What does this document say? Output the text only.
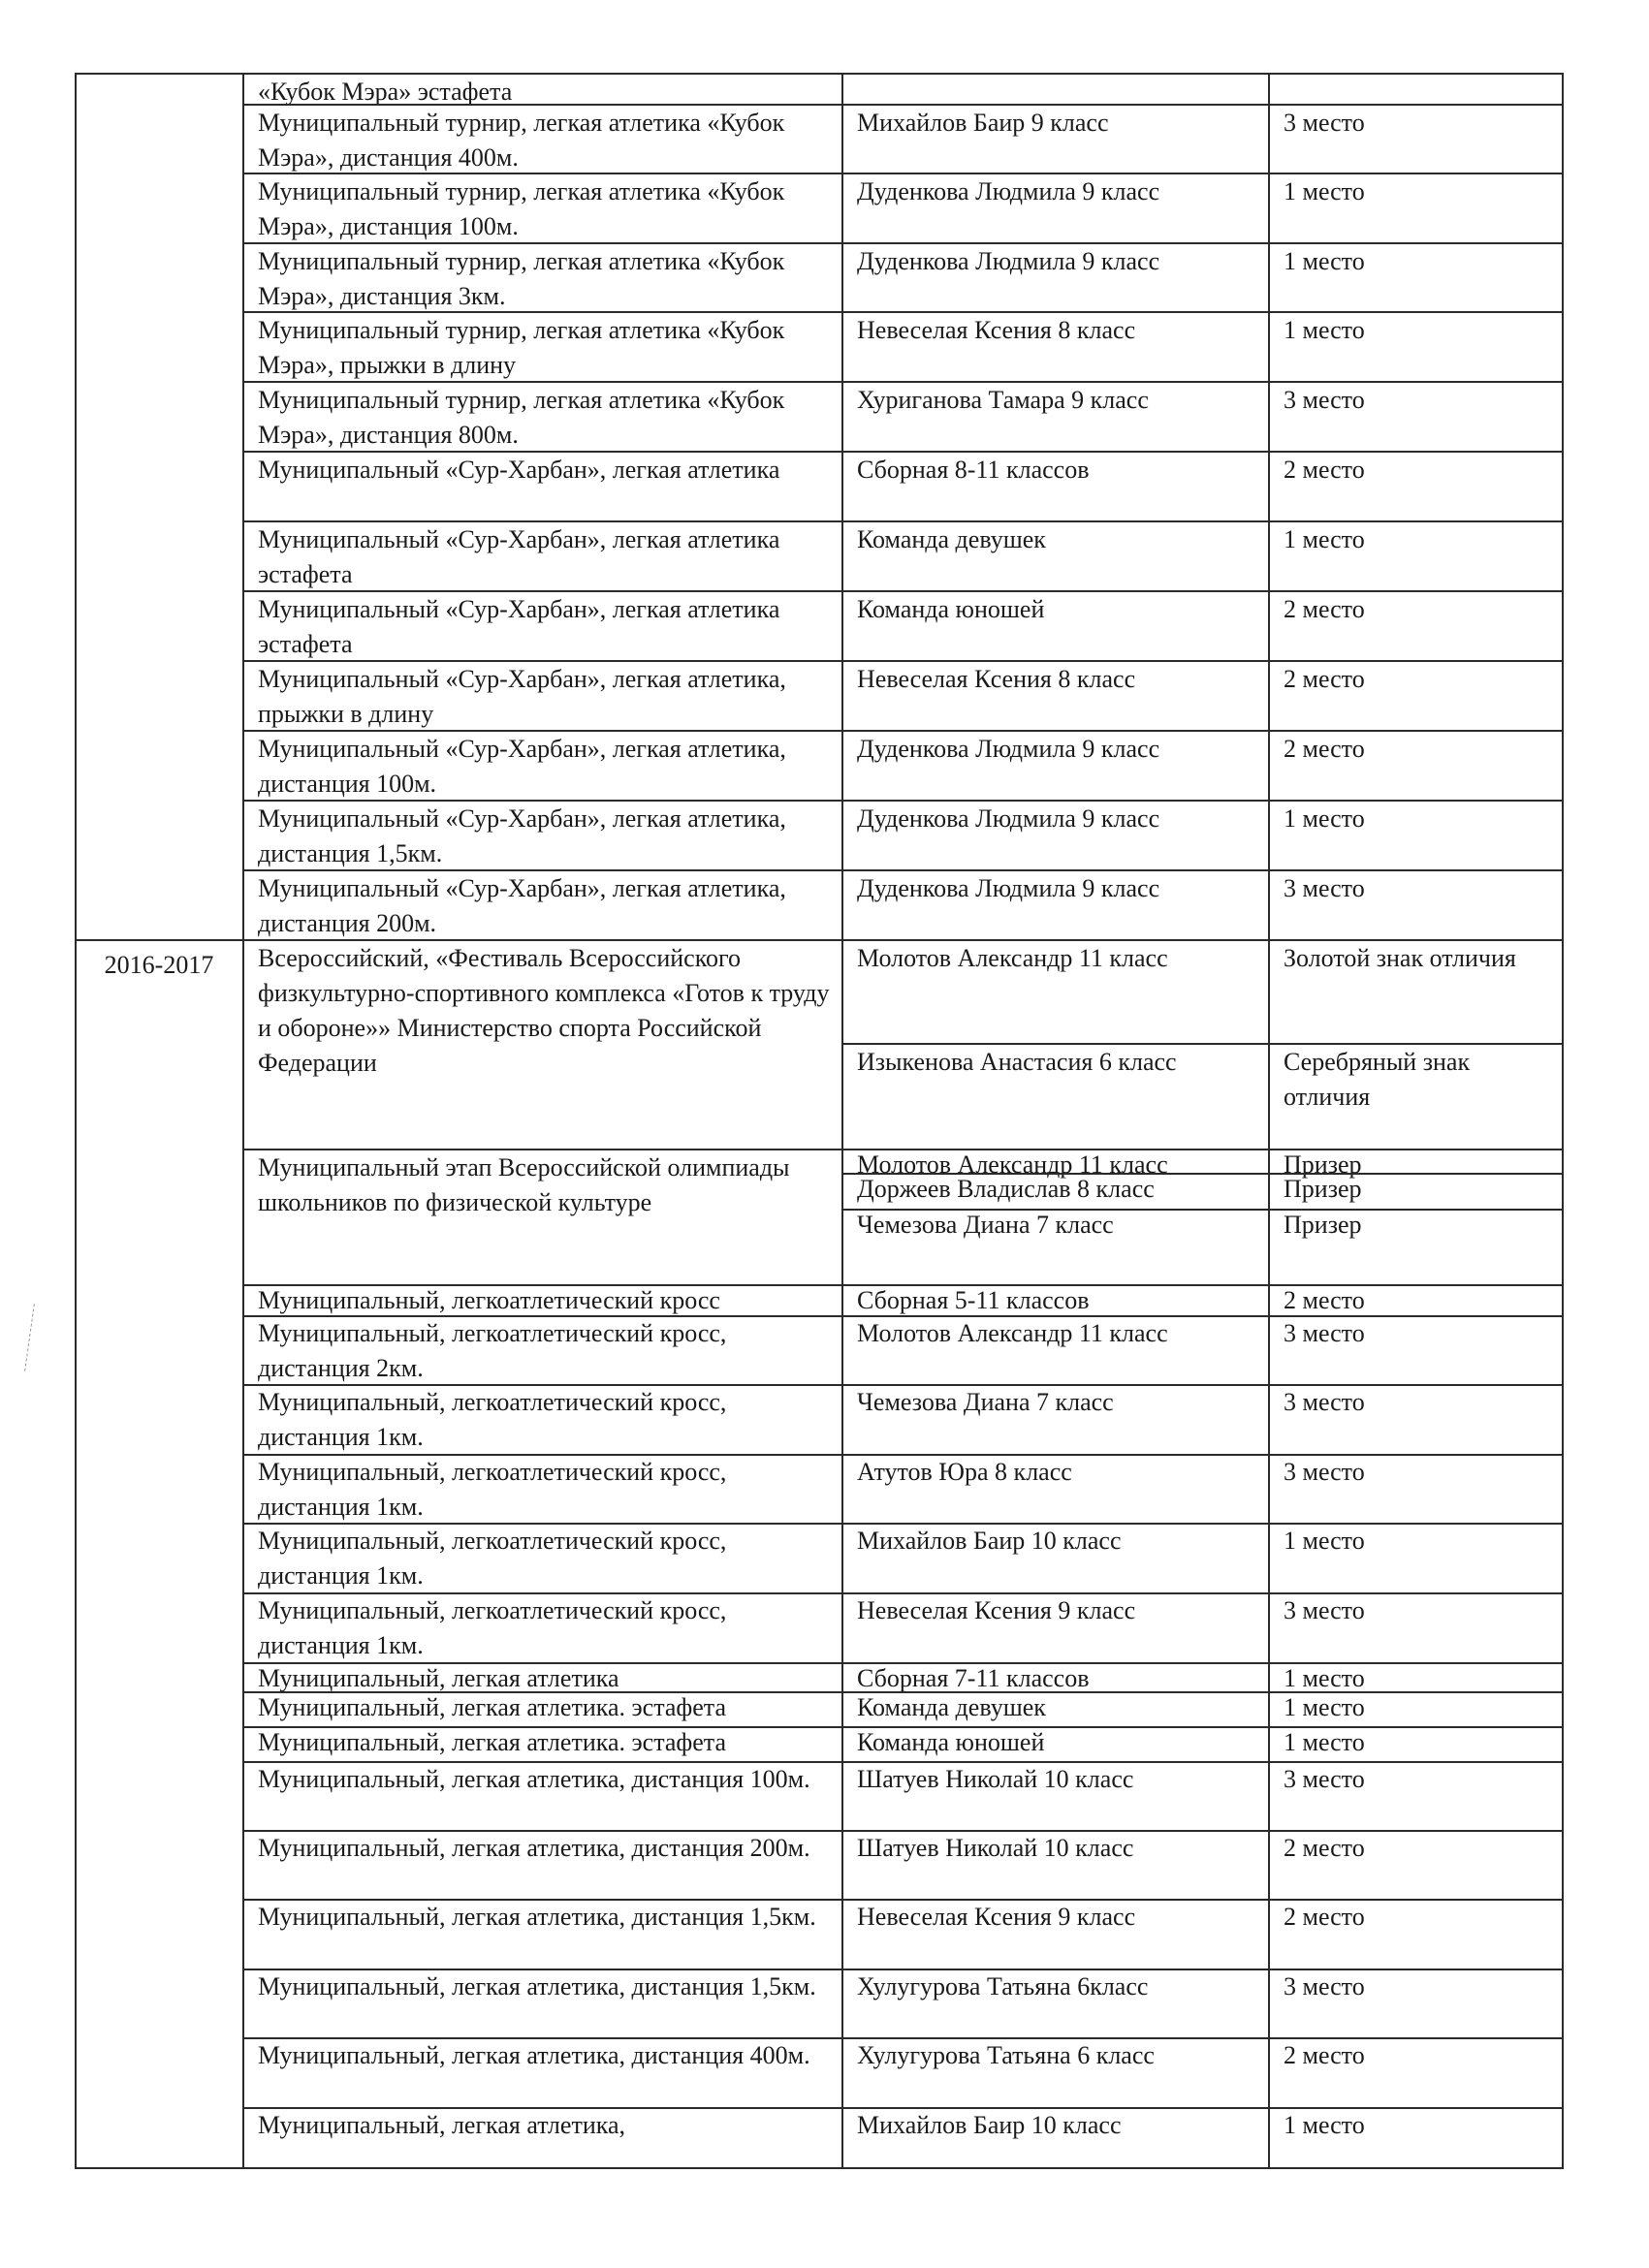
2016-2017
«Кубок Мэра» эстафета
Муниципальный турнир, легкая атлетика «Кубок Мэра», дистанция 400м.
Михайлов Баир 9 класс	3 место
Муниципальный турнир, легкая атлетика «Кубок Мэра», дистанция 100м.
Дуденкова Людмила 9 класс	1 место
Муниципальный турнир, легкая атлетика «Кубок Мэра», дистанция 3км.
Дуденкова Людмила 9 класс	1 место
Муниципальный турнир, легкая атлетика «Кубок Мэра», прыжки в длину
Невеселая Ксения 8 класс	1 место
Муниципальный турнир, легкая атлетика «Кубок Мэра», дистанция 800м.
Хуриганова Тамара 9 класс	3 место
Муниципальный «Сур-Харбан», легкая атлетика	Сборная 8-11 классов	2 место
Муниципальный «Сур-Харбан», легкая атлетика эстафета
Команда девушек	1 место
Муниципальный «Сур-Харбан», легкая атлетика эстафета
Команда юношей	2 место
Муниципальный «Сур-Харбан», легкая атлетика, прыжки в длину
Невеселая Ксения 8 класс	2 место
Муниципальный «Сур-Харбан», легкая атлетика, дистанция 100м.
Дуденкова Людмила 9 класс	2 место
Муниципальный «Сур-Харбан», легкая атлетика, дистанция 1,5км.
Дуденкова Людмила 9 класс	1 место
Муниципальный «Сур-Харбан», легкая атлетика, дистанция 200м.
Дуденкова Людмила 9 класс	3 место
Всероссийский, «Фестиваль Всероссийского физкультурно-спортивного комплекса «Готов к труду и обороне»» Министерство спорта Российской Федерации
Молотов Александр 11 класс	Золотой знак отличия
Изыкенова Анастасия 6 класс	Серебряный знак отличия
Муниципальный этап Всероссийской олимпиады школьников по физической культуре
Молотов Александр 11 класс	Призер
Доржеев Владислав 8 класс	Призер
Чемезова Диана 7 класс	Призер
Муниципальный, легкоатлетический кросс	Сборная 5-11 классов	2 место
Муниципальный, легкоатлетический кросс, дистанция 2км.
Молотов Александр 11 класс	3 место
Муниципальный, легкоатлетический кросс, дистанция 1км.
Чемезова Диана 7 класс	3 место
Муниципальный, легкоатлетический кросс, дистанция 1км.
Атутов Юра 8 класс	3 место
Муниципальный, легкоатлетический кросс, дистанция 1км.
Михайлов Баир 10 класс	1 место
Муниципальный, легкоатлетический кросс, дистанция 1км.
Невеселая Ксения 9 класс	3 место
Муниципальный, легкая атлетика	Сборная 7-11 классов	1 место
Муниципальный, легкая атлетика. эстафета	Команда девушек	1 место
Муниципальный, легкая атлетика. эстафета	Команда юношей	1 место
Муниципальный, легкая атлетика, дистанция 100м.	Шатуев Николай 10 класс	3 место
Муниципальный, легкая атлетика, дистанция 200м.	Шатуев Николай 10 класс	2 место
Муниципальный, легкая атлетика, дистанция 1,5км.	Невеселая Ксения 9 класс	2 место
Муниципальный, легкая атлетика, дистанция 1,5км.	Хулугурова Татьяна 6класс	3 место
Муниципальный, легкая атлетика, дистанция 400м.	Хулугурова Татьяна 6 класс	2 место
Муниципальный, легкая атлетика,	Михайлов Баир 10 класс	1 место
